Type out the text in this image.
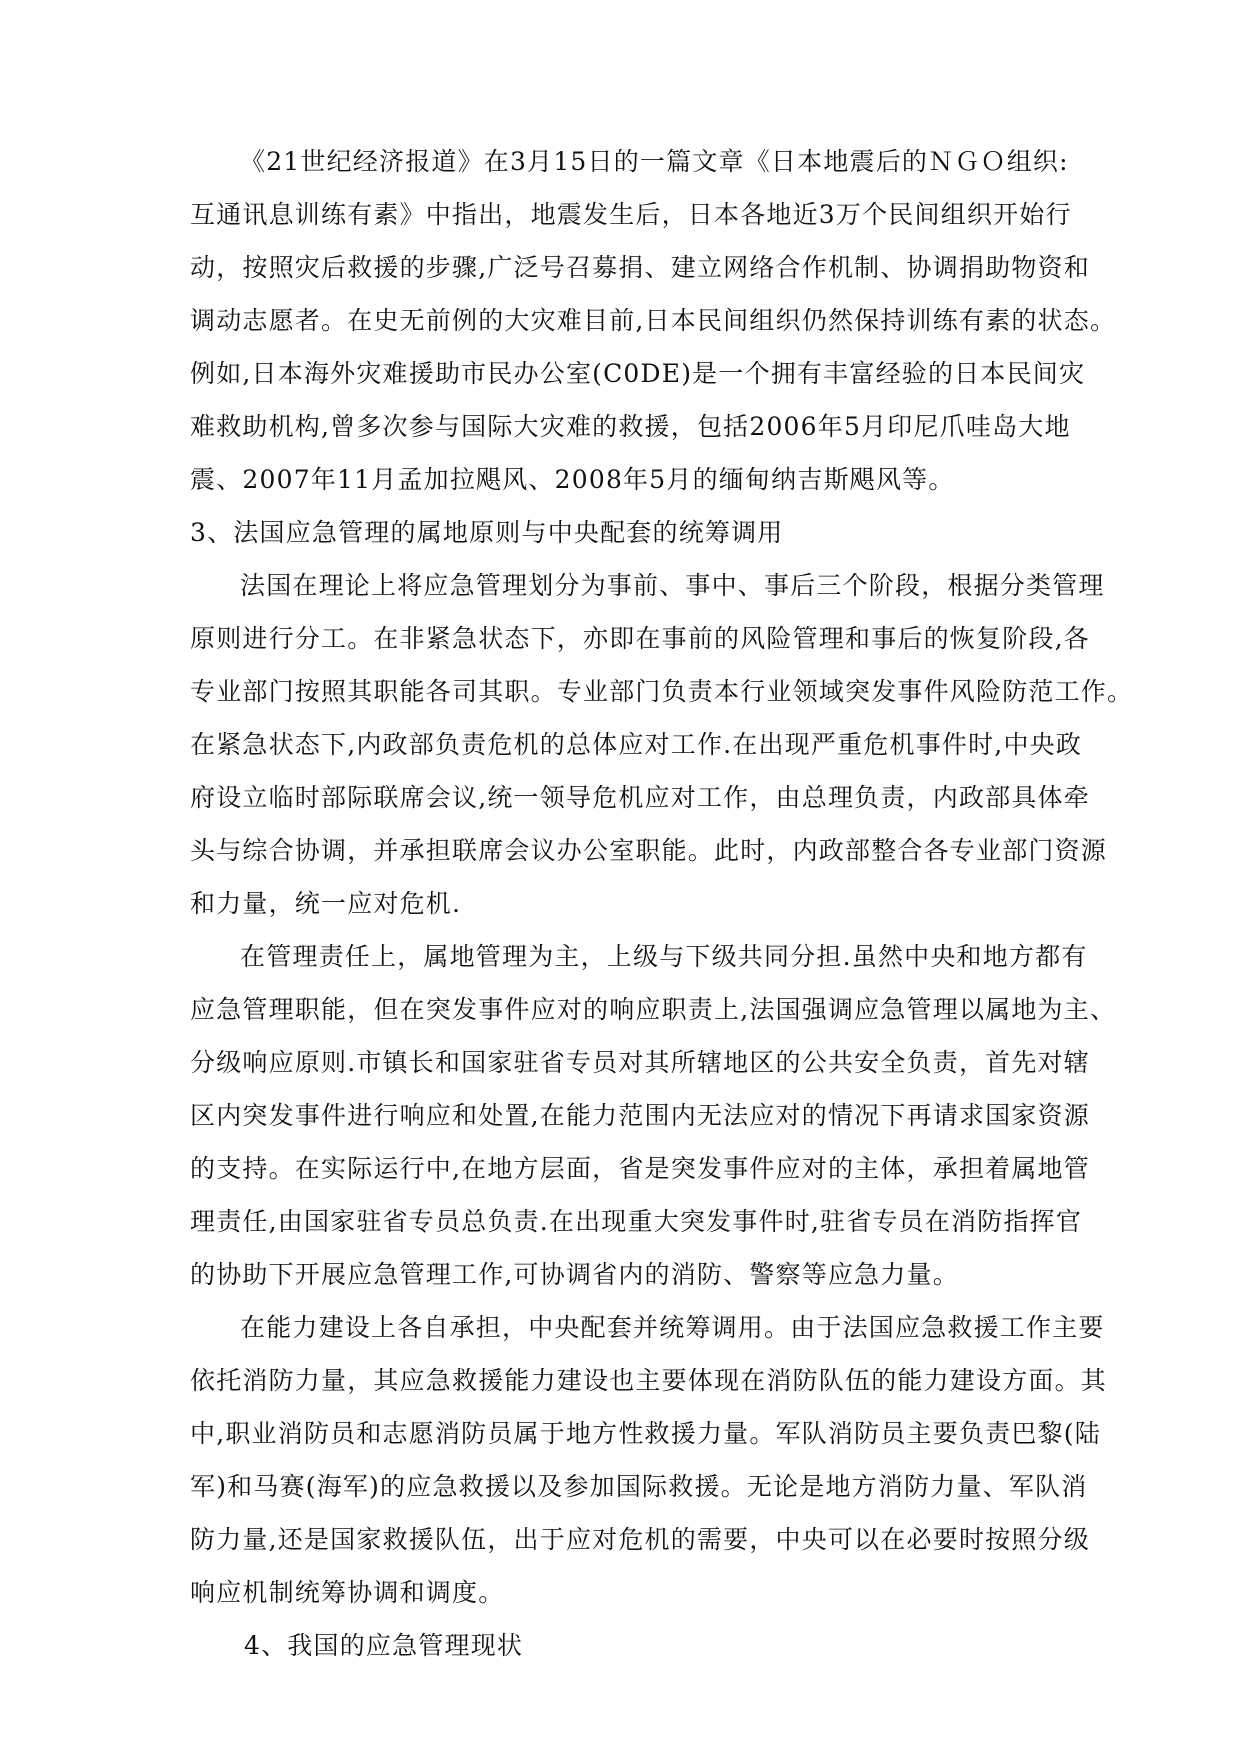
《21世纪经济报道》在3月15日的一篇文章《日本地震后的ＮＧＯ组织:
互通讯息训练有素》中指出，地震发生后，日本各地近3万个民间组织开始行
动，按照灾后救援的步骤,广泛号召募捐、建立网络合作机制、协调捐助物资和
调动志愿者。在史无前例的大灾难目前,日本民间组织仍然保持训练有素的状态。
例如,日本海外灾难援助市民办公室(C0DE)是一个拥有丰富经验的日本民间灾
难救助机构,曾多次参与国际大灾难的救援，包括2006年5月印尼爪哇岛大地
震、2007年11月孟加拉飓风、2008年5月的缅甸纳吉斯飓风等。
3、法国应急管理的属地原则与中央配套的统筹调用
法国在理论上将应急管理划分为事前、事中、事后三个阶段，根据分类管理
原则进行分工。在非紧急状态下，亦即在事前的风险管理和事后的恢复阶段,各
专业部门按照其职能各司其职。专业部门负责本行业领域突发事件风险防范工作。
在紧急状态下,内政部负责危机的总体应对工作.在出现严重危机事件时,中央政
府设立临时部际联席会议,统一领导危机应对工作，由总理负责，内政部具体牵
头与综合协调，并承担联席会议办公室职能。此时，内政部整合各专业部门资源
和力量，统一应对危机.
在管理责任上，属地管理为主，上级与下级共同分担.虽然中央和地方都有
应急管理职能，但在突发事件应对的响应职责上,法国强调应急管理以属地为主、
分级响应原则.市镇长和国家驻省专员对其所辖地区的公共安全负责，首先对辖
区内突发事件进行响应和处置,在能力范围内无法应对的情况下再请求国家资源
的支持。在实际运行中,在地方层面，省是突发事件应对的主体，承担着属地管
理责任,由国家驻省专员总负责.在出现重大突发事件时,驻省专员在消防指挥官
的协助下开展应急管理工作,可协调省内的消防、警察等应急力量。
在能力建设上各自承担，中央配套并统筹调用。由于法国应急救援工作主要
依托消防力量，其应急救援能力建设也主要体现在消防队伍的能力建设方面。其
中,职业消防员和志愿消防员属于地方性救援力量。军队消防员主要负责巴黎(陆
军)和马赛(海军)的应急救援以及参加国际救援。无论是地方消防力量、军队消
防力量,还是国家救援队伍，出于应对危机的需要，中央可以在必要时按照分级
响应机制统筹协调和调度。
4、我国的应急管理现状
